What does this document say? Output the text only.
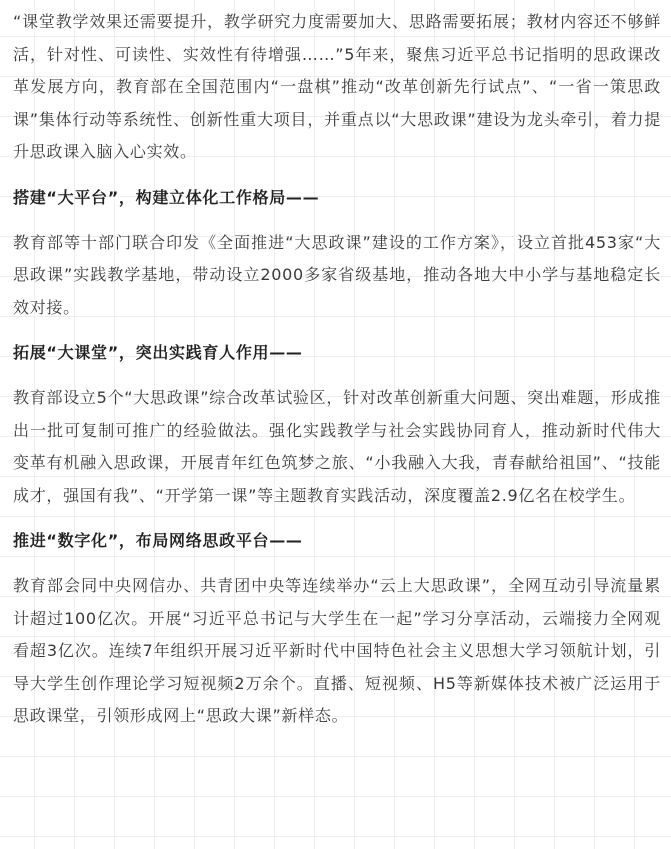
“课堂教学效果还需要提升，教学研究力度需要加大、思路需要拓展；教材内容还不够鲜活，针对性、可读性、实效性有待增强……”5年来，聚焦习近平总书记指明的思政课改革发展方向，教育部在全国范围内“一盘棋”推动“改革创新先行试点”、“一省一策思政课”集体行动等系统性、创新性重大项目，并重点以“大思政课”建设为龙头牵引，着力提升思政课入脑入心实效。

搭建“大平台”，构建立体化工作格局——

教育部等十部门联合印发《全面推进“大思政课”建设的工作方案》，设立首批453家“大思政课”实践教学基地，带动设立2000多家省级基地，推动各地大中小学与基地稳定长效对接。

拓展“大课堂”，突出实践育人作用——

教育部设立5个“大思政课”综合改革试验区，针对改革创新重大问题、突出难题，形成推出一批可复制可推广的经验做法。强化实践教学与社会实践协同育人，推动新时代伟大变革有机融入思政课，开展青年红色筑梦之旅、“小我融入大我，青春献给祖国”、“技能成才，强国有我”、“开学第一课”等主题教育实践活动，深度覆盖2.9亿名在校学生。

推进“数字化”，布局网络思政平台——

教育部会同中央网信办、共青团中央等连续举办“云上大思政课”，全网互动引导流量累计超过100亿次。开展“习近平总书记与大学生在一起”学习分享活动，云端接力全网观看超3亿次。连续7年组织开展习近平新时代中国特色社会主义思想大学习领航计划，引导大学生创作理论学习短视频2万余个。直播、短视频、H5等新媒体技术被广泛运用于思政课堂，引领形成网上“思政大课”新样态。
